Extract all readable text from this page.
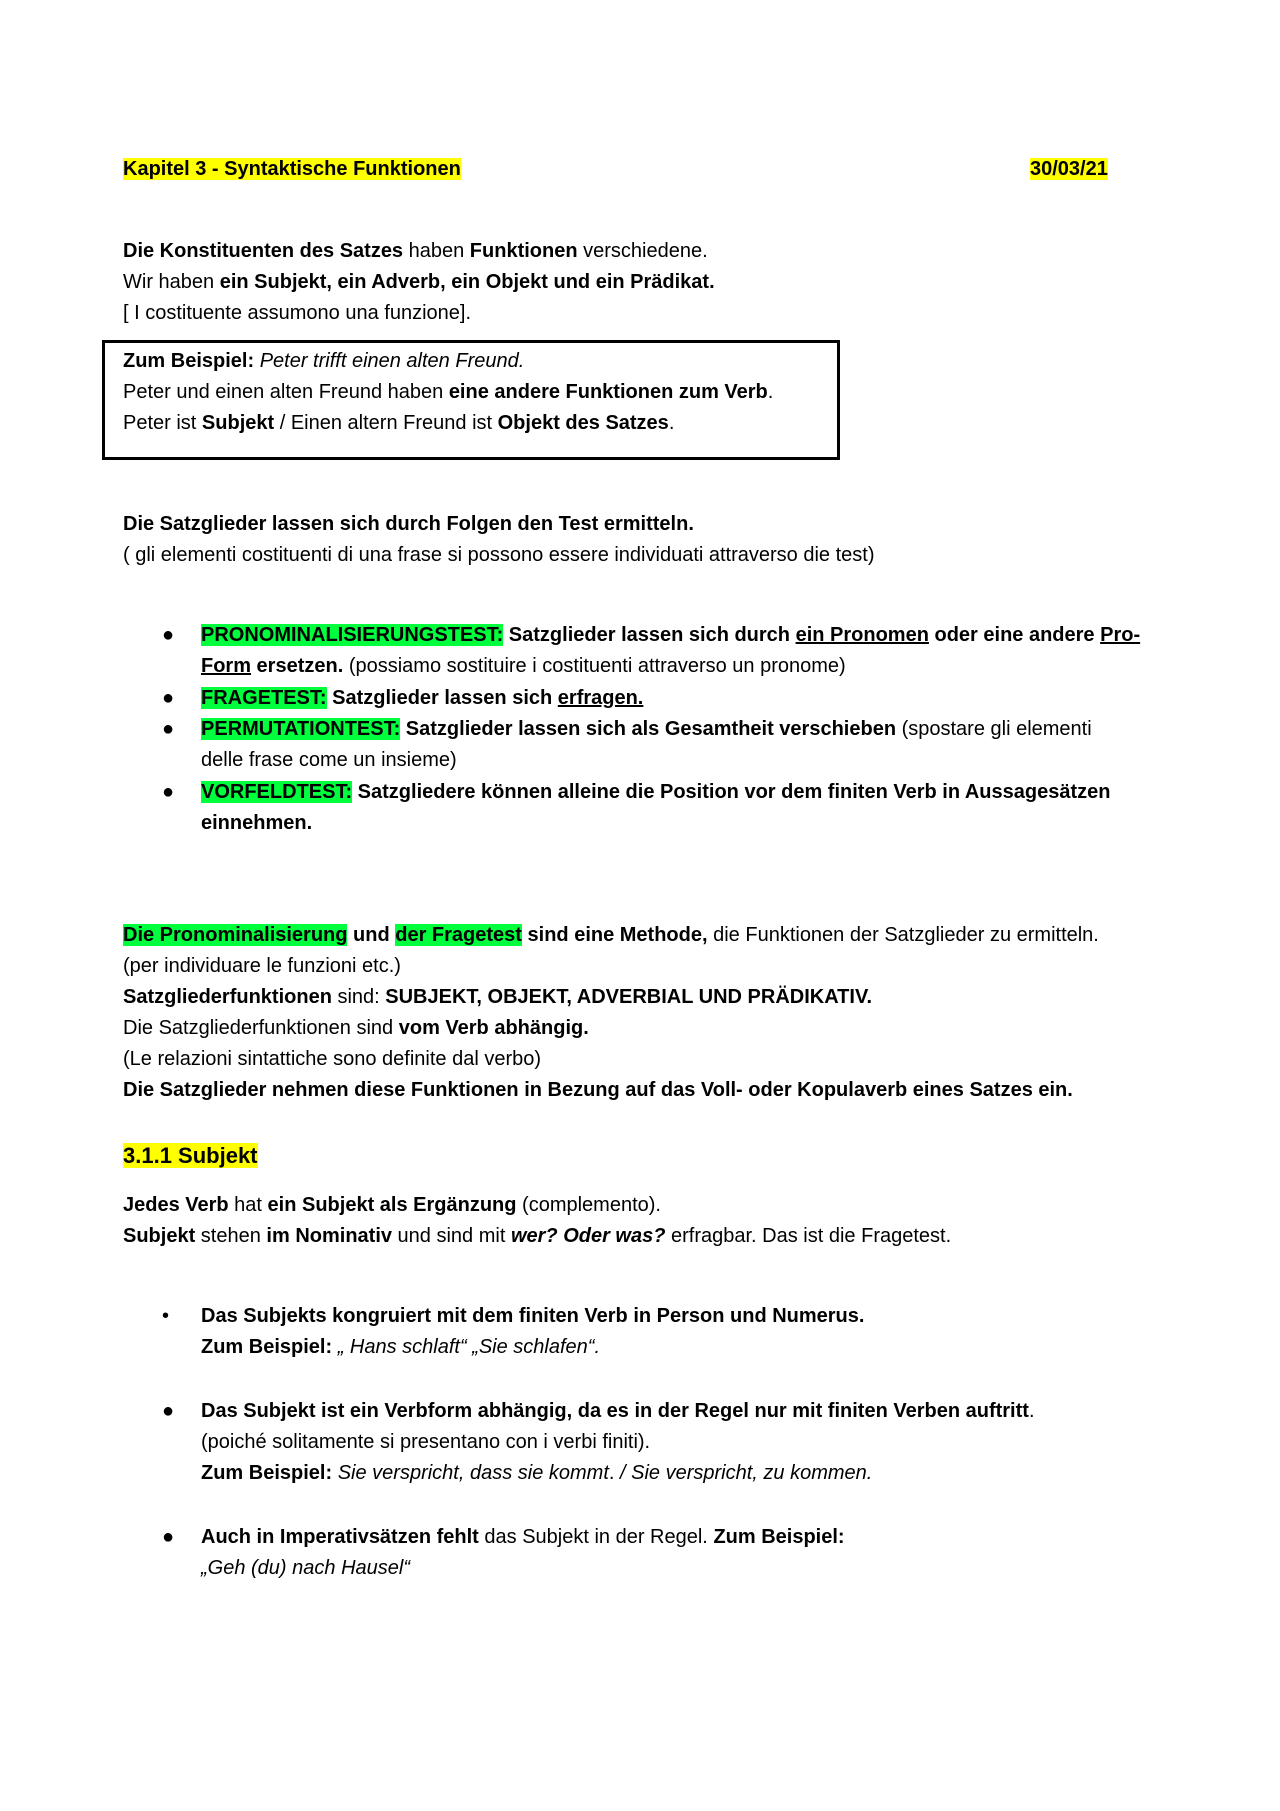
Kapitel 3 - Syntaktische Funktionen	30/03/21
Die Konstituenten des Satzes haben Funktionen verschiedene.
Wir haben ein Subjekt, ein Adverb, ein Objekt und ein Prädikat.
[ I costituente assumono una funzione].
Zum Beispiel: Peter trifft einen alten Freund.
Peter und einen alten Freund haben eine andere Funktionen zum Verb.
Peter ist Subjekt / Einen altern Freund ist Objekt des Satzes.
Die Satzglieder lassen sich durch Folgen den Test ermitteln.
( gli elementi costituenti di una frase si possono essere individuati attraverso die test)
● PRONOMINALISIERUNGSTEST: Satzglieder lassen sich durch ein Pronomen oder eine andere Pro-
Form ersetzen. (possiamo sostituire i costituenti attraverso un pronome)
● FRAGETEST: Satzglieder lassen sich erfragen.
● PERMUTATIONTEST: Satzglieder lassen sich als Gesamtheit verschieben (spostare gli elementi
delle frase come un insieme)
● VORFELDTEST: Satzgliedere können alleine die Position vor dem finiten Verb in Aussagesätzen
einnehmen.
Die Pronominalisierung und der Fragetest sind eine Methode, die Funktionen der Satzglieder zu ermitteln.
(per individuare le funzioni etc.)
Satzgliederfunktionen sind: SUBJEKT, OBJEKT, ADVERBIAL UND PRÄDIKATIV.
Die Satzgliederfunktionen sind vom Verb abhängig.
(Le relazioni sintattiche sono definite dal verbo)
Die Satzglieder nehmen diese Funktionen in Bezung auf das Voll- oder Kopulaverb eines Satzes ein.
3.1.1 Subjekt
Jedes Verb hat ein Subjekt als Ergänzung (complemento).
Subjekt stehen im Nominativ und sind mit wer? Oder was? erfragbar. Das ist die Fragetest.
• Das Subjekts kongruiert mit dem finiten Verb in Person und Numerus.
Zum Beispiel: „ Hans schlaft“ „Sie schlafen“.
● Das Subjekt ist ein Verbform abhängig, da es in der Regel nur mit finiten Verben auftritt.
(poiché solitamente si presentano con i verbi finiti).
Zum Beispiel: Sie verspricht, dass sie kommt. / Sie verspricht, zu kommen.
● Auch in Imperativsätzen fehlt das Subjekt in der Regel. Zum Beispiel:
„Geh (du) nach Hausel“
